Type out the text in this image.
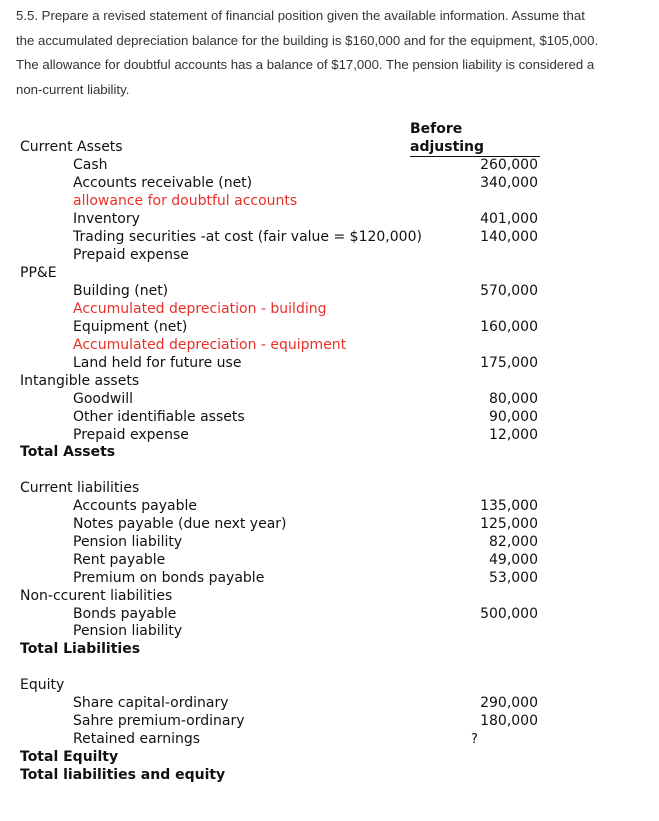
5.5. Prepare a revised statement of financial position given the available information. Assume that

the accumulated depreciation balance for the building is $160,000 and for the equipment, $105,000.

The allowance for doubtful accounts has a balance of $17,000. The pension liability is considered a

non-current liability.

Before adjusting
Current Assets
Cash	260,000
Accounts receivable (net)	340,000
allowance for doubtful accounts
Inventory	401,000
Trading securities -at cost (fair value = $120,000)	140,000
Prepaid expense
PP&E
Building (net)	570,000
Accumulated depreciation - building
Equipment (net)	160,000
Accumulated depreciation - equipment
Land held for future use	175,000
Intangible assets
Goodwill	80,000
Other identifiable assets	90,000
Prepaid expense	12,000
Total Assets
Current liabilities
Accounts payable	135,000
Notes payable (due next year)	125,000
Pension liability	82,000
Rent payable	49,000
Premium on bonds payable	53,000
Non-ccurent liabilities
Bonds payable	500,000
Pension liability
Total Liabilities
Equity
Share capital-ordinary	290,000
Sahre premium-ordinary	180,000
Retained earnings	?
Total Equilty
Total liabilities and equity
